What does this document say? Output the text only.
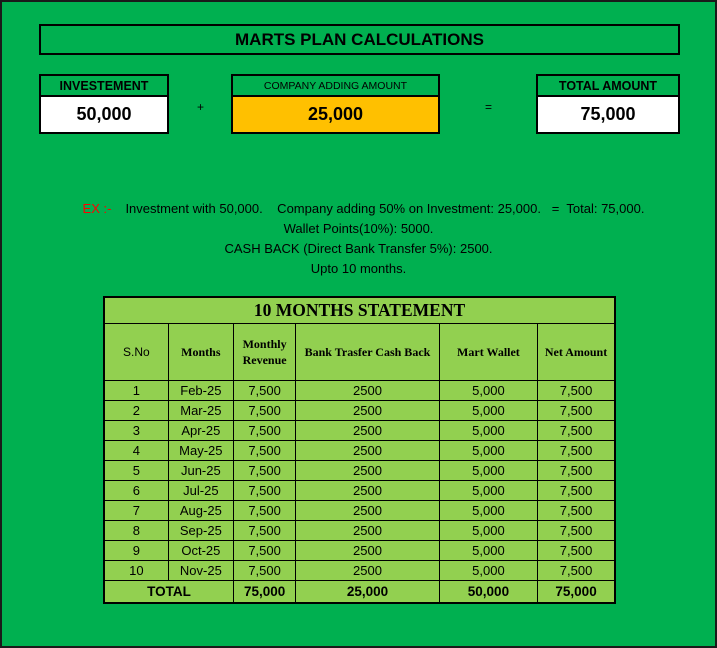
MARTS PLAN CALCULATIONS
INVESTEMENT
50,000	+
COMPANY ADDING AMOUNT
25,000	=
TOTAL AMOUNT
75,000
EX :- Investment with 50,000.    Company adding 50% on Investment: 25,000.   =  Total: 75,000.
Wallet Points(10%): 5000.
CASH BACK (Direct Bank Transfer 5%): 2500.
Upto 10 months.
10 MONTHS STATEMENT					
S.No	Months	Monthly Revenue	Bank Trasfer Cash Back	Mart Wallet	Net Amount
1	Feb-25	7,500	2500	5,000	7,500
2	Mar-25	7,500	2500	5,000	7,500
3	Apr-25	7,500	2500	5,000	7,500
4	May-25	7,500	2500	5,000	7,500
5	Jun-25	7,500	2500	5,000	7,500
6	Jul-25	7,500	2500	5,000	7,500
7	Aug-25	7,500	2500	5,000	7,500
8	Sep-25	7,500	2500	5,000	7,500
9	Oct-25	7,500	2500	5,000	7,500
10	Nov-25	7,500	2500	5,000	7,500
TOTAL		75,000	25,000	50,000	75,000
